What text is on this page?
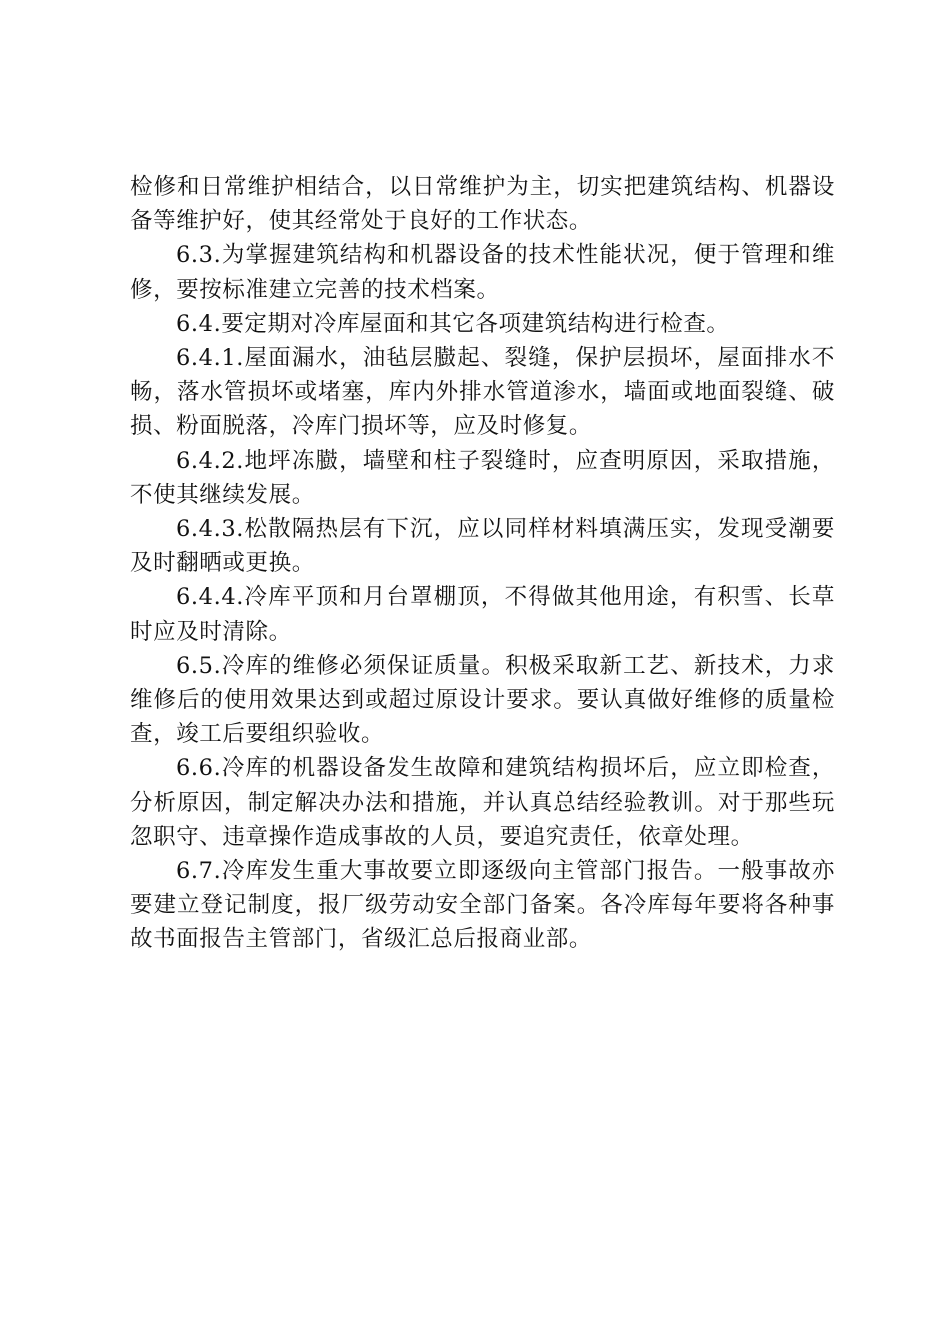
检修和日常维护相结合，以日常维护为主，切实把建筑结构、机器设备等维护好，使其经常处于良好的工作状态。

6.3.为掌握建筑结构和机器设备的技术性能状况，便于管理和维修，要按标准建立完善的技术档案。

6.4.要定期对冷库屋面和其它各项建筑结构进行检查。

6.4.1.屋面漏水，油毡层臌起、裂缝，保护层损坏，屋面排水不畅，落水管损坏或堵塞，库内外排水管道渗水，墙面或地面裂缝、破损、粉面脱落，冷库门损坏等，应及时修复。

6.4.2.地坪冻臌，墙壁和柱子裂缝时，应查明原因，采取措施，不使其继续发展。

6.4.3.松散隔热层有下沉，应以同样材料填满压实，发现受潮要及时翻晒或更换。

6.4.4.冷库平顶和月台罩棚顶，不得做其他用途，有积雪、长草时应及时清除。

6.5.冷库的维修必须保证质量。积极采取新工艺、新技术，力求维修后的使用效果达到或超过原设计要求。要认真做好维修的质量检查，竣工后要组织验收。

6.6.冷库的机器设备发生故障和建筑结构损坏后，应立即检查，分析原因，制定解决办法和措施，并认真总结经验教训。对于那些玩忽职守、违章操作造成事故的人员，要追究责任，依章处理。

6.7.冷库发生重大事故要立即逐级向主管部门报告。一般事故亦要建立登记制度，报厂级劳动安全部门备案。各冷库每年要将各种事故书面报告主管部门，省级汇总后报商业部。
